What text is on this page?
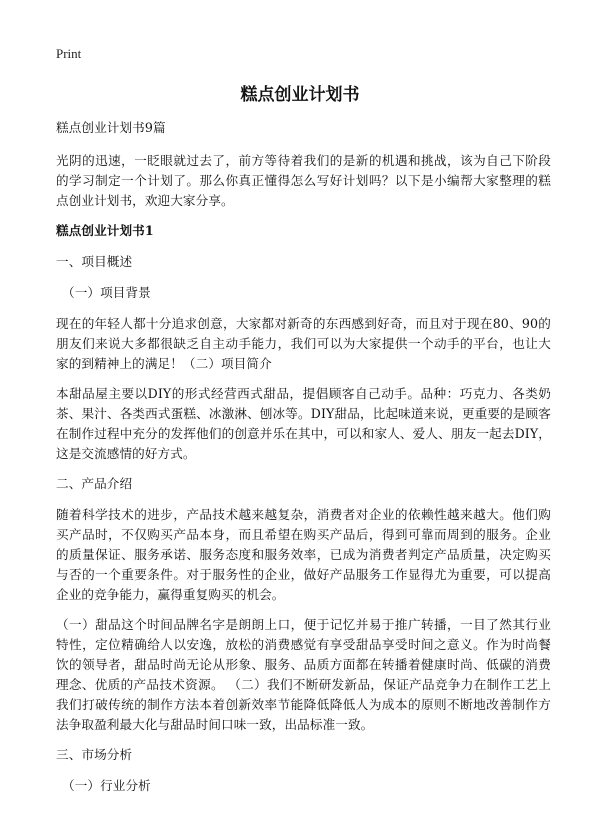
Print
糕点创业计划书

糕点创业计划书9篇

光阴的迅速，一眨眼就过去了，前方等待着我们的是新的机遇和挑战，该为自己下阶段的学习制定一个计划了。那么你真正懂得怎么写好计划吗？以下是小编帮大家整理的糕点创业计划书，欢迎大家分享。

糕点创业计划书1

一、项目概述

（一）项目背景

现在的年轻人都十分追求创意，大家都对新奇的东西感到好奇，而且对于现在80、90的朋友们来说大多都很缺乏自主动手能力，我们可以为大家提供一个动手的平台，也让大家的到精神上的满足！（二）项目简介

本甜品屋主要以DIY的形式经营西式甜品，提倡顾客自己动手。品种：巧克力、各类奶茶、果汁、各类西式蛋糕、冰激淋、刨冰等。DIY甜品，比起味道来说，更重要的是顾客在制作过程中充分的发挥他们的创意并乐在其中，可以和家人、爱人、朋友一起去DIY，这是交流感情的好方式。

二、产品介绍

随着科学技术的进步，产品技术越来越复杂，消费者对企业的依赖性越来越大。他们购买产品时，不仅购买产品本身，而且希望在购买产品后，得到可靠而周到的服务。企业的质量保证、服务承诺、服务态度和服务效率，已成为消费者判定产品质量，决定购买与否的一个重要条件。对于服务性的企业，做好产品服务工作显得尤为重要，可以提高企业的竞争能力，赢得重复购买的机会。

（一）甜品这个时间品牌名字是朗朗上口，便于记忆并易于推广转播，一目了然其行业特性，定位精确给人以安逸，放松的消费感觉有享受甜品享受时间之意义。作为时尚餐饮的领导者，甜品时尚无论从形象、服务、品质方面都在转播着健康时尚、低碳的消费理念、优质的产品技术资源。 （二）我们不断研发新品，保证产品竞争力在制作工艺上我们打破传统的制作方法本着创新效率节能降低降低人为成本的原则不断地改善制作方法争取盈利最大化与甜品时间口味一致，出品标准一致。

三、市场分析

（一）行业分析
